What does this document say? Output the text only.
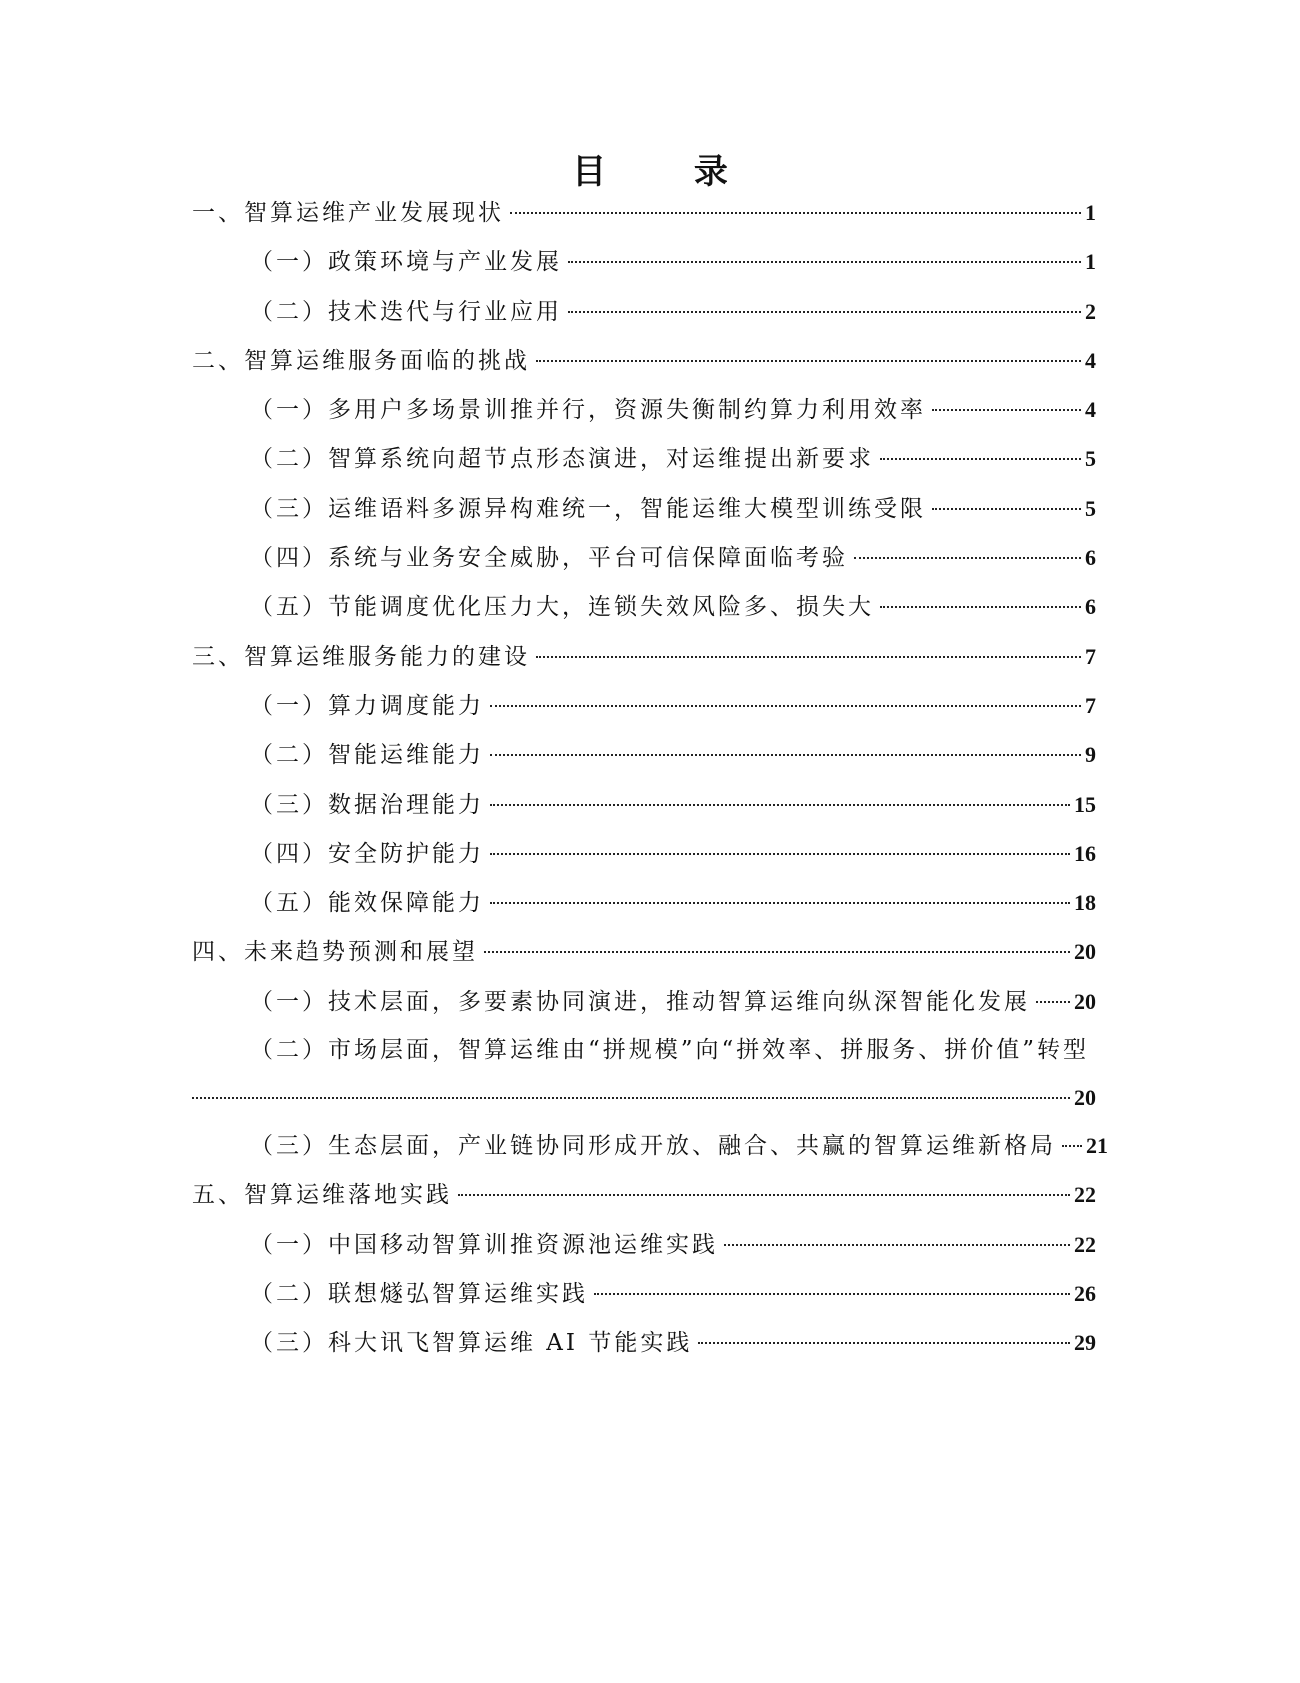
目 录
一、智算运维产业发展现状	1
（一）政策环境与产业发展	1
（二）技术迭代与行业应用	2
二、智算运维服务面临的挑战	4
（一）多用户多场景训推并行，资源失衡制约算力利用效率	4
（二）智算系统向超节点形态演进，对运维提出新要求	5
（三）运维语料多源异构难统一，智能运维大模型训练受限	5
（四）系统与业务安全威胁，平台可信保障面临考验	6
（五）节能调度优化压力大，连锁失效风险多、损失大	6
三、智算运维服务能力的建设	7
（一）算力调度能力	7
（二）智能运维能力	9
（三）数据治理能力	15
（四）安全防护能力	16
（五）能效保障能力	18
四、未来趋势预测和展望	20
（一）技术层面，多要素协同演进，推动智算运维向纵深智能化发展 20
（二）市场层面，智算运维由“拼规模”向“拼效率、拼服务、拼价值”转型
20
（三）生态层面，产业链协同形成开放、融合、共赢的智算运维新格局 21
五、智算运维落地实践	22
（一）中国移动智算训推资源池运维实践	22
（二）联想燧弘智算运维实践	26
（三）科大讯飞智算运维 AI 节能实践	29
